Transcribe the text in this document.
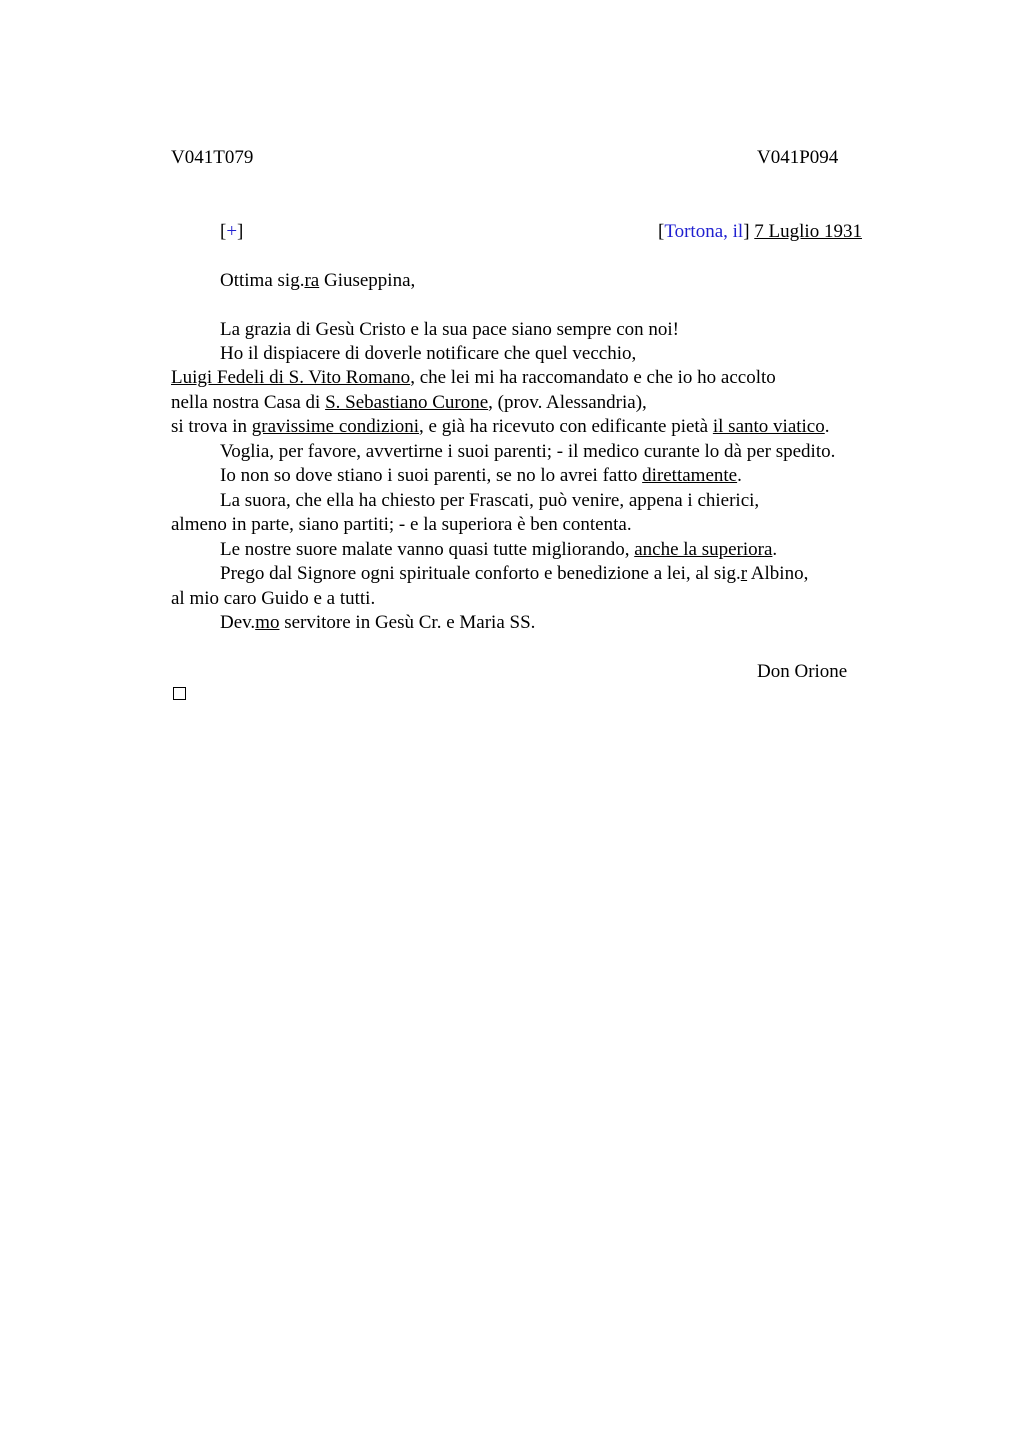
V041T079	V041P094
[+]	[Tortona, il] 7 Luglio 1931
Ottima sig.ra Giuseppina,
La grazia di Gesù Cristo e la sua pace siano sempre con noi!
Ho il dispiacere di doverle notificare che quel vecchio,
Luigi Fedeli di S. Vito Romano, che lei mi ha raccomandato e che io ho accolto
nella nostra Casa di S. Sebastiano Curone, (prov. Alessandria),
si trova in gravissime condizioni, e già ha ricevuto con edificante pietà il santo viatico.
Voglia, per favore, avvertirne i suoi parenti; - il medico curante lo dà per spedito.
Io non so dove stiano i suoi parenti, se no lo avrei fatto direttamente.
La suora, che ella ha chiesto per Frascati, può venire, appena i chierici,
almeno in parte, siano partiti; - e la superiora è ben contenta.
Le nostre suore malate vanno quasi tutte migliorando, anche la superiora.
Prego dal Signore ogni spirituale conforto e benedizione a lei, al sig.r Albino,
al mio caro Guido e a tutti.
Dev.mo servitore in Gesù Cr. e Maria SS.
Don Orione
